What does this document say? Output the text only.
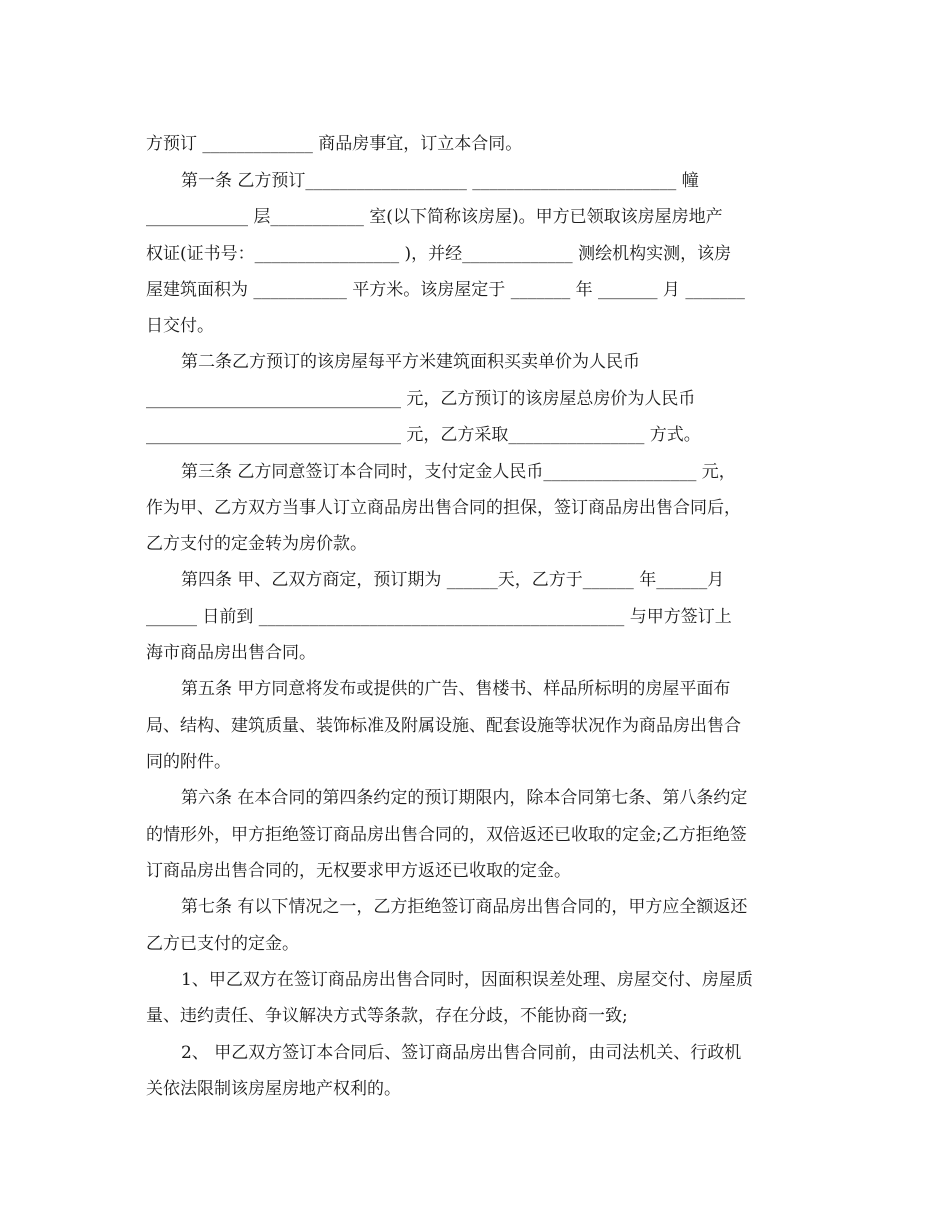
方预订 _____________ 商品房事宜，订立本合同。
第一条 乙方预订___________________ ________________________ 幢
____________ 层___________ 室(以下简称该房屋)。甲方已领取该房屋房地产
权证(证书号：_________________ )，并经_____________ 测绘机构实测，该房
屋建筑面积为 ___________ 平方米。该房屋定于 _______ 年 _______ 月 _______
日交付。
第二条乙方预订的该房屋每平方米建筑面积买卖单价为人民币
______________________________ 元，乙方预订的该房屋总房价为人民币
______________________________ 元，乙方采取________________ 方式。
第三条 乙方同意签订本合同时，支付定金人民币__________________ 元，
作为甲、乙方双方当事人订立商品房出售合同的担保，签订商品房出售合同后，
乙方支付的定金转为房价款。
第四条 甲、乙双方商定，预订期为 ______天，乙方于______ 年______月
______ 日前到 ___________________________________________ 与甲方签订上
海市商品房出售合同。
第五条 甲方同意将发布或提供的广告、售楼书、样品所标明的房屋平面布
局、结构、建筑质量、装饰标准及附属设施、配套设施等状况作为商品房出售合
同的附件。
第六条 在本合同的第四条约定的预订期限内，除本合同第七条、第八条约定
的情形外，甲方拒绝签订商品房出售合同的，双倍返还已收取的定金;乙方拒绝签
订商品房出售合同的，无权要求甲方返还已收取的定金。
第七条 有以下情况之一，乙方拒绝签订商品房出售合同的，甲方应全额返还
乙方已支付的定金。
1、甲乙双方在签订商品房出售合同时，因面积误差处理、房屋交付、房屋质
量、违约责任、争议解决方式等条款，存在分歧，不能协商一致;
2、 甲乙双方签订本合同后、签订商品房出售合同前，由司法机关、行政机
关依法限制该房屋房地产权利的。
